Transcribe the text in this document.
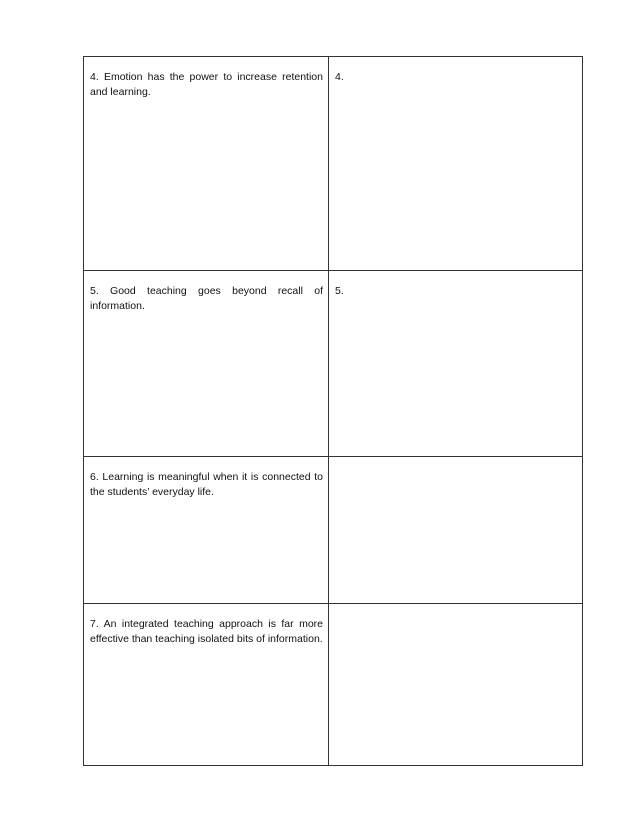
4. Emotion has the power to increase retention and learning.	4.

5. Good teaching goes beyond recall of information.	5.

6. Learning is meaningful when it is connected to the students’ everyday life.	

7. An integrated teaching approach is far more effective than teaching isolated bits of information.	
